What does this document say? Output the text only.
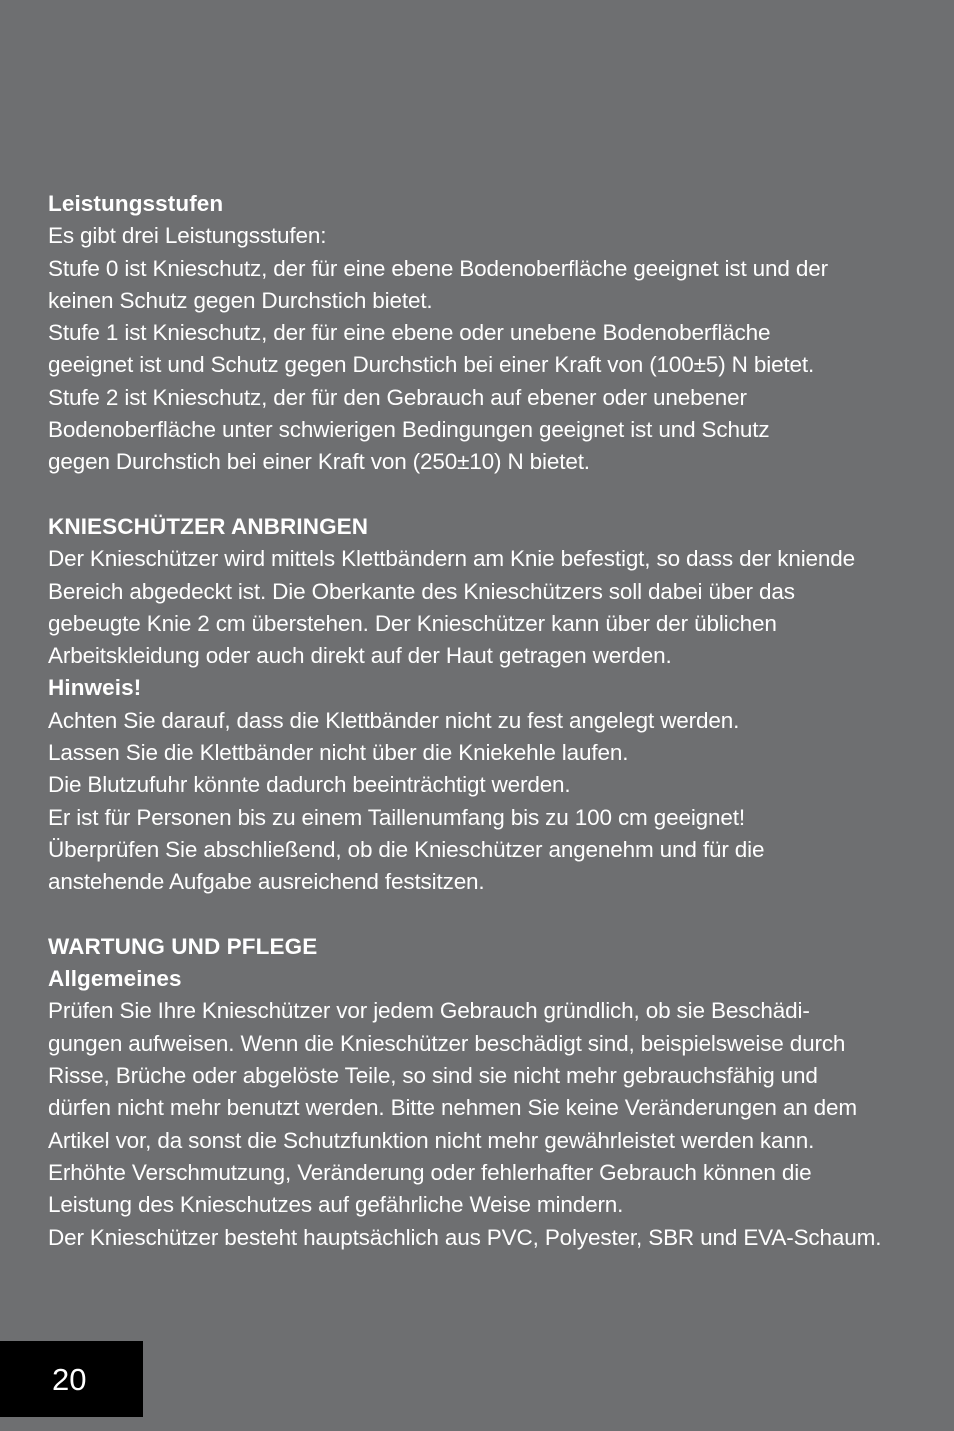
Leistungsstufen
Es gibt drei Leistungsstufen:
Stufe 0 ist Knieschutz, der für eine ebene Bodenoberfläche geeignet ist und der
keinen Schutz gegen Durchstich bietet.
Stufe 1 ist Knieschutz, der für eine ebene oder unebene Bodenoberfläche
geeignet ist und Schutz gegen Durchstich bei einer Kraft von (100±5) N bietet.
Stufe 2 ist Knieschutz, der für den Gebrauch auf ebener oder unebener
Bodenoberfläche unter schwierigen Bedingungen geeignet ist und Schutz
gegen Durchstich bei einer Kraft von (250±10) N bietet.
KNIESCHÜTZER ANBRINGEN
Der Knieschützer wird mittels Klettbändern am Knie befestigt, so dass der kniende
Bereich abgedeckt ist. Die Oberkante des Knieschützers soll dabei über das
gebeugte Knie 2 cm überstehen. Der Knieschützer kann über der üblichen
Arbeitskleidung oder auch direkt auf der Haut getragen werden.
Hinweis!
Achten Sie darauf, dass die Klettbänder nicht zu fest angelegt werden.
Lassen Sie die Klettbänder nicht über die Kniekehle laufen.
Die Blutzufuhr könnte dadurch beeinträchtigt werden.
Er ist für Personen bis zu einem Taillenumfang bis zu 100 cm geeignet!
Überprüfen Sie abschließend, ob die Knieschützer angenehm und für die
anstehende Aufgabe ausreichend festsitzen.
WARTUNG UND PFLEGE
Allgemeines
Prüfen Sie Ihre Knieschützer vor jedem Gebrauch gründlich, ob sie Beschädi-
gungen aufweisen. Wenn die Knieschützer beschädigt sind, beispielsweise durch
Risse, Brüche oder abgelöste Teile, so sind sie nicht mehr gebrauchsfähig und
dürfen nicht mehr benutzt werden. Bitte nehmen Sie keine Veränderungen an dem
Artikel vor, da sonst die Schutzfunktion nicht mehr gewährleistet werden kann.
Erhöhte Verschmutzung, Veränderung oder fehlerhafter Gebrauch können die
Leistung des Knieschutzes auf gefährliche Weise mindern.
Der Knieschützer besteht hauptsächlich aus PVC, Polyester, SBR und EVA-Schaum.
20
